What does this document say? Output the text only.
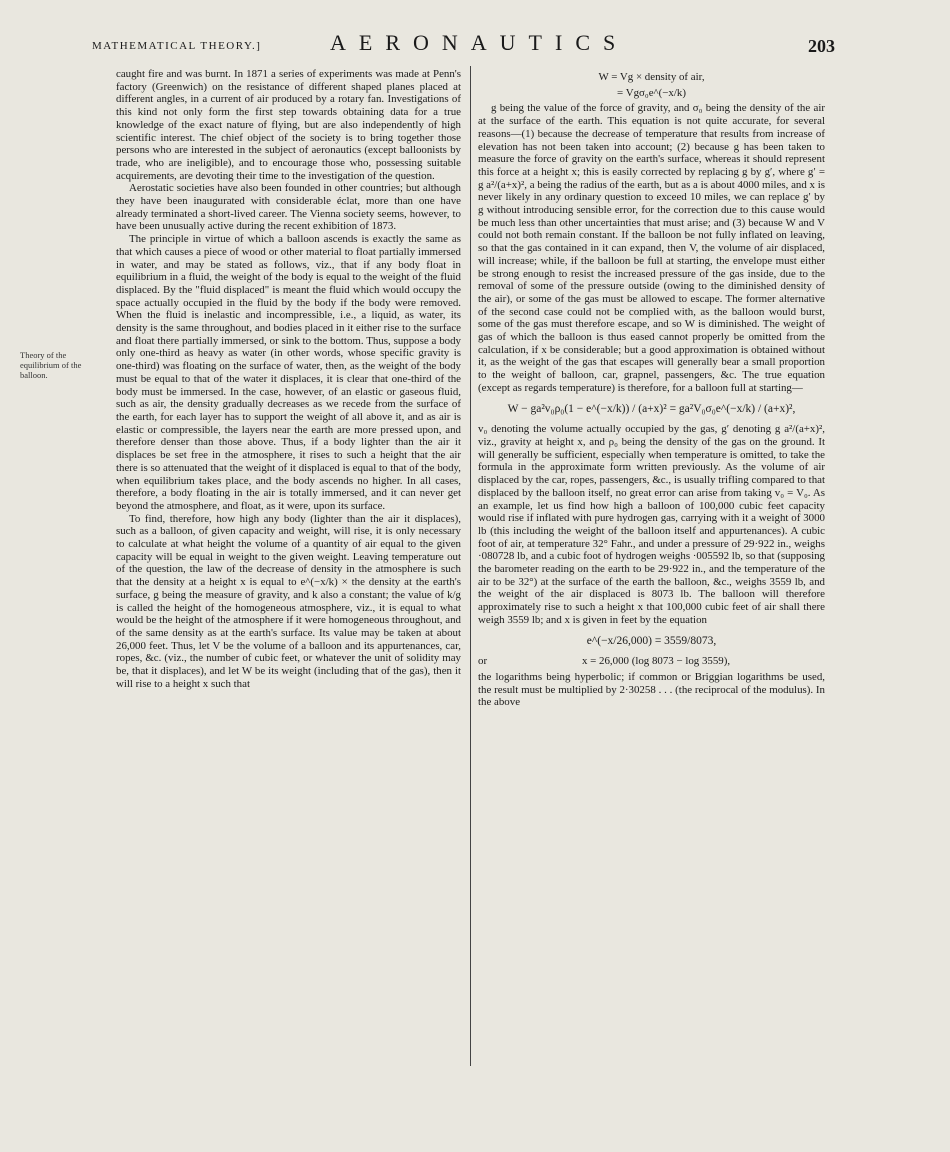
MATHEMATICAL THEORY.]	AERONAUTICS	203
Theory of the equilibrium of the balloon.

caught fire and was burnt. In 1871 a series of experiments was made at Penn's factory (Greenwich) on the resistance of different shaped planes placed at different angles, in a current of air produced by a rotary fan. Investigations of this kind not only form the first step towards obtaining data for a true knowledge of the exact nature of flying, but are also independently of high scientific interest. The chief object of the society is to bring together those persons who are interested in the subject of aeronautics (except balloonists by trade, who are ineligible), and to encourage those who, possessing suitable acquirements, are devoting their time to the investigation of the question.

Aerostatic societies have also been founded in other countries; but although they have been inaugurated with considerable éclat, more than one have already terminated a short-lived career. The Vienna society seems, however, to have been unusually active during the recent exhibition of 1873.

The principle in virtue of which a balloon ascends is exactly the same as that which causes a piece of wood or other material to float partially immersed in water, and may be stated as follows, viz., that if any body float in equilibrium in a fluid, the weight of the body is equal to the weight of the fluid displaced. By the "fluid displaced" is meant the fluid which would occupy the space actually occupied in the fluid by the body if the body were removed. When the fluid is inelastic and incompressible, i.e., a liquid, as water, its density is the same throughout, and bodies placed in it either rise to the surface and float there partially immersed, or sink to the bottom. Thus, suppose a body only one-third as heavy as water (in other words, whose specific gravity is one-third) was floating on the surface of water, then, as the weight of the body must be equal to that of the water it displaces, it is clear that one-third of the body must be immersed. In the case, however, of an elastic or gaseous fluid, such as air, the density gradually decreases as we recede from the surface of the earth, for each layer has to support the weight of all above it, and as air is elastic or compressible, the layers near the earth are more pressed upon, and therefore denser than those above. Thus, if a body lighter than the air it displaces be set free in the atmosphere, it rises to such a height that the air there is so attenuated that the weight of it displaced is equal to that of the body, when equilibrium takes place, and the body ascends no higher. In all cases, therefore, a body floating in the air is totally immersed, and it can never get beyond the atmosphere, and float, as it were, upon its surface.

To find, therefore, how high any body (lighter than the air it displaces), such as a balloon, of given capacity and weight, will rise, it is only necessary to calculate at what height the volume of a quantity of air equal to the given capacity will be equal in weight to the given weight. Leaving temperature out of the question, the law of the decrease of density in the atmosphere is such that the density at a height x is equal to e^(−x/k) × the density at the earth's surface, g being the measure of gravity, and k also a constant; the value of k/g is called the height of the homogeneous atmosphere, viz., it is equal to what would be the height of the atmosphere if it were homogeneous throughout, and of the same density as at the earth's surface. Its value may be taken at about 26,000 feet. Thus, let V be the volume of a balloon and its appurtenances, car, ropes, &c. (viz., the number of cubic feet, or whatever the unit of solidity may be, that it displaces), and let W be its weight (including that of the gas), then it will rise to a height x such that

W = Vg × density of air,
= Vgσ₀e^(−x/k)

g being the value of the force of gravity, and σ₀ being the density of the air at the surface of the earth. This equation is not quite accurate, for several reasons—(1) because the decrease of temperature that results from increase of elevation has not been taken into account; (2) because g has been taken to measure the force of gravity on the earth's surface, whereas it should represent this force at a height x; this is easily corrected by replacing g by g′, where g′ = g a²/(a+x)², a being the radius of the earth, but as a is about 4000 miles, and x is never likely in any ordinary question to exceed 10 miles, we can replace g′ by g without introducing sensible error, for the correction due to this cause would be much less than other uncertainties that must arise; and (3) because W and V could not both remain constant. If the balloon be not fully inflated on leaving, so that the gas contained in it can expand, then V, the volume of air displaced, will increase; while, if the balloon be full at starting, the envelope must either be strong enough to resist the increased pressure of the gas inside, due to the removal of some of the pressure outside (owing to the diminished density of the air), or some of the gas must be allowed to escape. The former alternative of the second case could not be complied with, as the balloon would burst, some of the gas must therefore escape, and so W is diminished. The weight of gas of which the balloon is thus eased cannot properly be omitted from the calculation, if x be considerable; but a good approximation is obtained without it, as the weight of the gas that escapes will generally bear a small proportion to the weight of balloon, car, grapnel, passengers, &c. The true equation (except as regards temperature) is therefore, for a balloon full at starting—

W − ga²v₀ρ₀(1 − e^(−x/k)) / (a+x)² = ga²V₀σ₀e^(−x/k) / (a+x)²,

v₀ denoting the volume actually occupied by the gas, g′ denoting g a²/(a+x)², viz., gravity at height x, and ρ₀ being the density of the gas on the ground. It will generally be sufficient, especially when temperature is omitted, to take the formula in the approximate form written previously. As the volume of air displaced by the car, ropes, passengers, &c., is usually trifling compared to that displaced by the balloon itself, no great error can arise from taking v₀ = V₀. As an example, let us find how high a balloon of 100,000 cubic feet capacity would rise if inflated with pure hydrogen gas, carrying with it a weight of 3000 lb (this including the weight of the balloon itself and appurtenances). A cubic foot of air, at temperature 32° Fahr., and under a pressure of 29·922 in., weighs ·080728 lb, and a cubic foot of hydrogen weighs ·005592 lb, so that (supposing the barometer reading on the earth to be 29·922 in., and the temperature of the air to be 32°) at the surface of the earth the balloon, &c., weighs 3559 lb, and the weight of the air displaced is 8073 lb. The balloon will therefore approximately rise to such a height x that 100,000 cubic feet of air shall there weigh 3559 lb; and x is given in feet by the equation

e^(−x/26,000) = 3559/8073,
or	x = 26,000 (log 8073 − log 3559),

the logarithms being hyperbolic; if common or Briggian logarithms be used, the result must be multiplied by 2·30258 . . . (the reciprocal of the modulus). In the above
